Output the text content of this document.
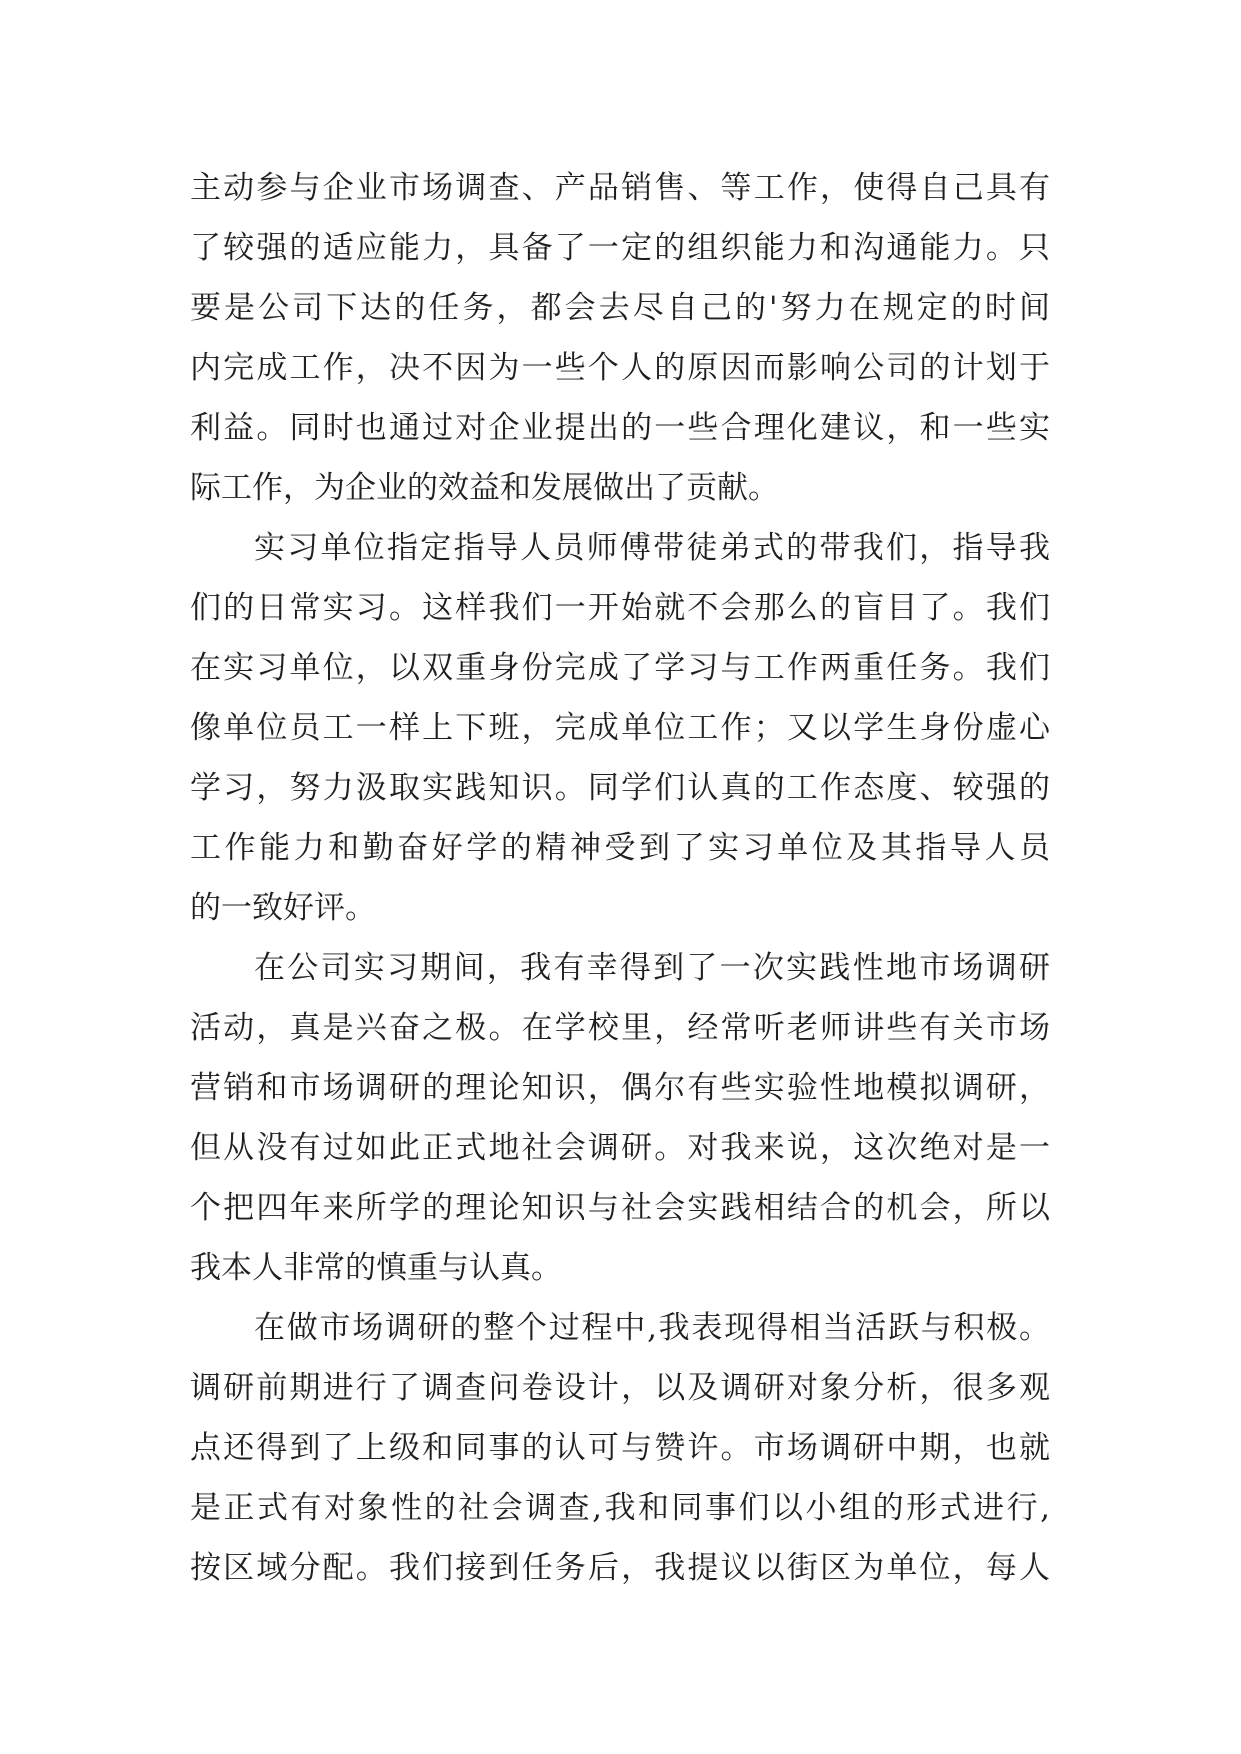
主动参与企业市场调查、产品销售、等工作，使得自己具有
了较强的适应能力，具备了一定的组织能力和沟通能力。只
要是公司下达的任务，都会去尽自己的'努力在规定的时间
内完成工作，决不因为一些个人的原因而影响公司的计划于
利益。同时也通过对企业提出的一些合理化建议，和一些实
际工作，为企业的效益和发展做出了贡献。
实习单位指定指导人员师傅带徒弟式的带我们，指导我
们的日常实习。这样我们一开始就不会那么的盲目了。我们
在实习单位，以双重身份完成了学习与工作两重任务。我们
像单位员工一样上下班，完成单位工作；又以学生身份虚心
学习，努力汲取实践知识。同学们认真的工作态度、较强的
工作能力和勤奋好学的精神受到了实习单位及其指导人员
的一致好评。
在公司实习期间，我有幸得到了一次实践性地市场调研
活动，真是兴奋之极。在学校里，经常听老师讲些有关市场
营销和市场调研的理论知识，偶尔有些实验性地模拟调研，
但从没有过如此正式地社会调研。对我来说，这次绝对是一
个把四年来所学的理论知识与社会实践相结合的机会，所以
我本人非常的慎重与认真。
在做市场调研的整个过程中,我表现得相当活跃与积极。
调研前期进行了调查问卷设计，以及调研对象分析，很多观
点还得到了上级和同事的认可与赞许。市场调研中期，也就
是正式有对象性的社会调查,我和同事们以小组的形式进行,
按区域分配。我们接到任务后，我提议以街区为单位，每人
